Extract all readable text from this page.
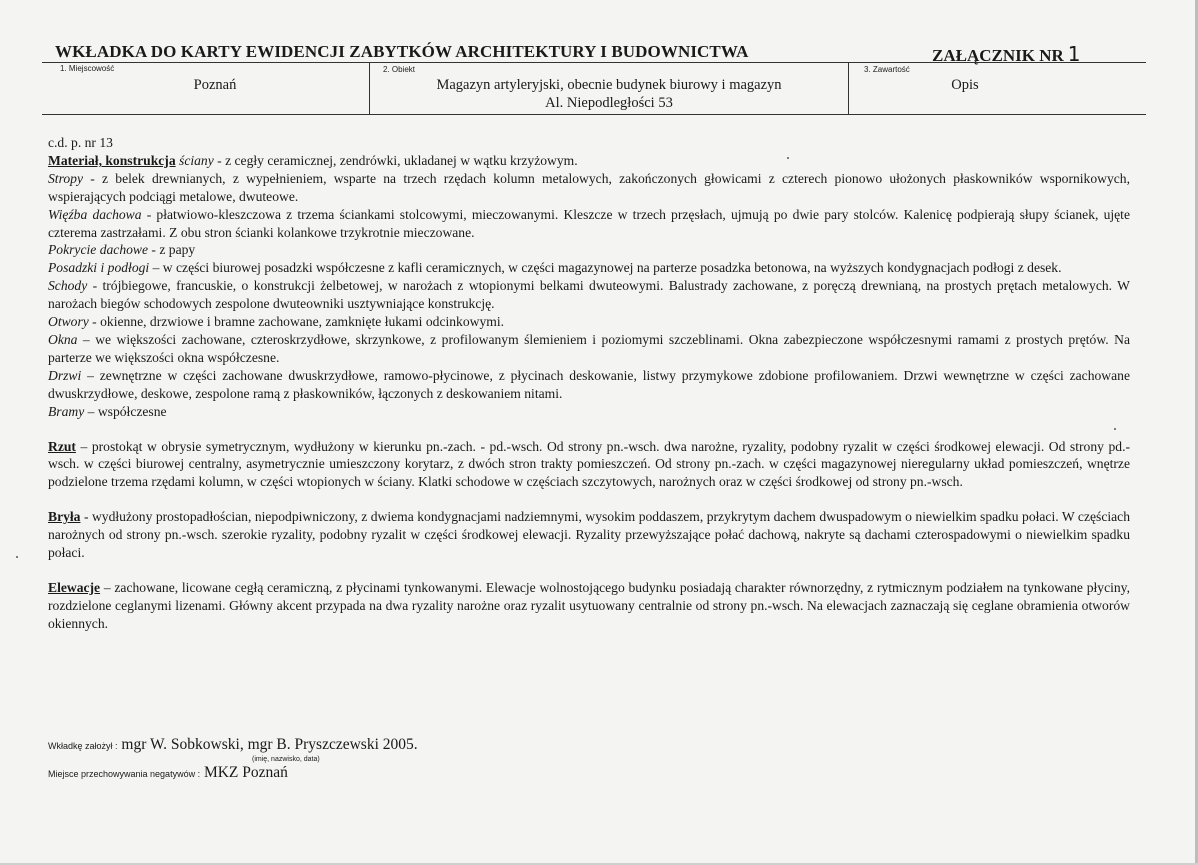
WKŁADKA DO KARTY EWIDENCJI ZABYTKÓW ARCHITEKTURY I BUDOWNICTWA	ZAŁĄCZNIK NR 1
1. Miejscowość
Poznań
2. Obiekt
Magazyn artyleryjski, obecnie budynek biurowy i magazyn
Al. Niepodległości 53
3. Zawartość
Opis

c.d. p. nr 13

Materiał, konstrukcja ściany - z cegły ceramicznej, zendrówki, ukladanej w wątku krzyżowym.

Stropy - z belek drewnianych, z wypełnieniem, wsparte na trzech rzędach kolumn metalowych, zakończonych głowicami z czterech pionowo ułożonych płaskowników wspornikowych, wspierających podciągi metalowe, dwuteowe.

Więźba dachowa - płatwiowo-kleszczowa z trzema ściankami stolcowymi, mieczowanymi. Kleszcze w trzech przęsłach, ujmują po dwie pary stolców. Kalenicę podpierają słupy ścianek, ujęte czterema zastrzałami. Z obu stron ścianki kolankowe trzykrotnie mieczowane.

Pokrycie dachowe - z papy

Posadzki i podłogi – w części biurowej posadzki współczesne z kafli ceramicznych, w części magazynowej na parterze posadzka betonowa, na wyższych kondygnacjach podłogi z desek.

Schody - trójbiegowe, francuskie, o konstrukcji żelbetowej, w narożach z wtopionymi belkami dwuteowymi. Balustrady zachowane, z poręczą drewnianą, na prostych prętach metalowych. W narożach biegów schodowych zespolone dwuteowniki usztywniające konstrukcję.

Otwory - okienne, drzwiowe i bramne zachowane, zamknięte łukami odcinkowymi.

Okna – we większości zachowane, czteroskrzydłowe, skrzynkowe, z profilowanym ślemieniem i poziomymi szczeblinami. Okna zabezpieczone współczesnymi ramami z prostych prętów. Na parterze we większości okna współczesne.

Drzwi – zewnętrzne w części zachowane dwuskrzydłowe, ramowo-płycinowe, z płycinach deskowanie, listwy przymykowe zdobione profilowaniem. Drzwi wewnętrzne w części zachowane dwuskrzydłowe, deskowe, zespolone ramą z płaskowników, łączonych z deskowaniem nitami.

Bramy – współczesne

Rzut – prostokąt w obrysie symetrycznym, wydłużony w kierunku pn.-zach. - pd.-wsch. Od strony pn.-wsch. dwa narożne, ryzality, podobny ryzalit w części środkowej elewacji. Od strony pd.-wsch. w części biurowej centralny, asymetrycznie umieszczony korytarz, z dwóch stron trakty pomieszczeń. Od strony pn.-zach. w części magazynowej nieregularny układ pomieszczeń, wnętrze podzielone trzema rzędami kolumn, w części wtopionych w ściany. Klatki schodowe w częściach szczytowych, narożnych oraz w części środkowej od strony pn.-wsch.

Bryła - wydłużony prostopadłościan, niepodpiwniczony, z dwiema kondygnacjami nadziemnymi, wysokim poddaszem, przykrytym dachem dwuspadowym o niewielkim spadku połaci. W częściach narożnych od strony pn.-wsch. szerokie ryzality, podobny ryzalit w części środkowej elewacji. Ryzality przewyższające połać dachową, nakryte są dachami czterospadowymi o niewielkim spadku połaci.

Elewacje – zachowane, licowane cegłą ceramiczną, z płycinami tynkowanymi. Elewacje wolnostojącego budynku posiadają charakter równorzędny, z rytmicznym podziałem na tynkowane płyciny, rozdzielone ceglanymi lizenami. Główny akcent przypada na dwa ryzality narożne oraz ryzalit usytuowany centralnie od strony pn.-wsch. Na elewacjach zaznaczają się ceglane obramienia otworów okiennych.

Wkładkę założył : mgr W. Sobkowski, mgr B. Pryszczewski 2005.
(imię, nazwisko, data)
Miejsce przechowywania negatywów : MKZ Poznań
